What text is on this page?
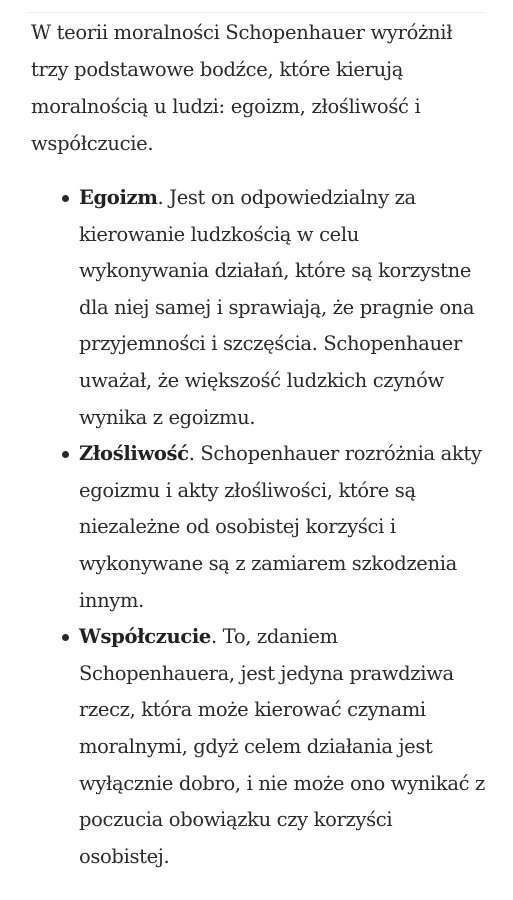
W teorii moralności Schopenhauer wyróżnił trzy podstawowe bodźce, które kierują moralnością u ludzi: egoizm, złośliwość i współczucie.

Egoizm. Jest on odpowiedzialny za kierowanie ludzkością w celu wykonywania działań, które są korzystne dla niej samej i sprawiają, że pragnie ona przyjemności i szczęścia. Schopenhauer uważał, że większość ludzkich czynów wynika z egoizmu.
Złośliwość. Schopenhauer rozróżnia akty egoizmu i akty złośliwości, które są niezależne od osobistej korzyści i wykonywane są z zamiarem szkodzenia innym.
Współczucie. To, zdaniem Schopenhauera, jest jedyna prawdziwa rzecz, która może kierować czynami moralnymi, gdyż celem działania jest wyłącznie dobro, i nie może ono wynikać z poczucia obowiązku czy korzyści osobistej.
